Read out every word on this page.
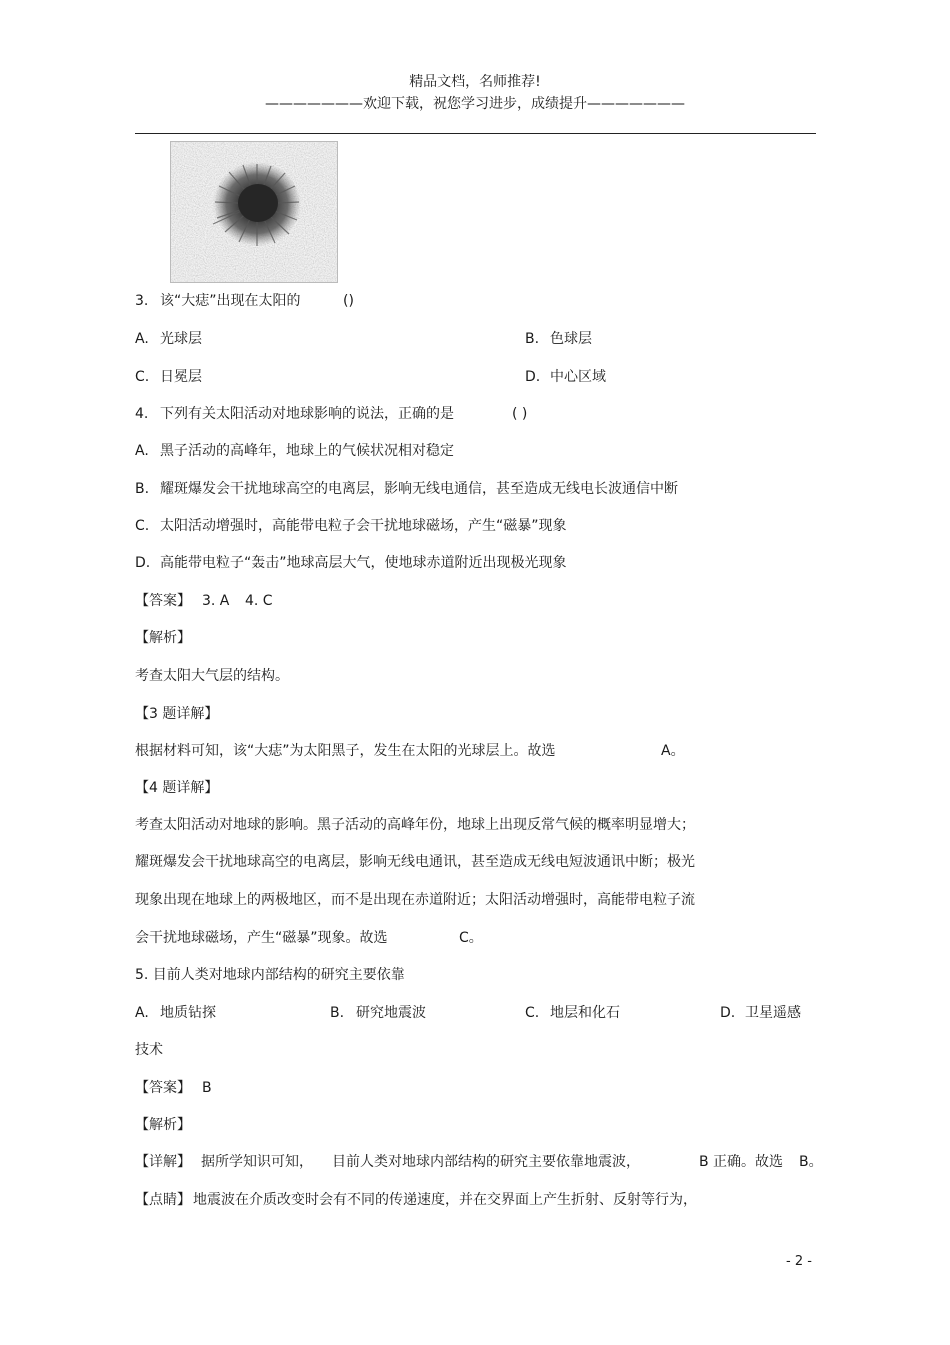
精品文档，名师推荐!
———————欢迎下载，祝您学习进步，成绩提升———————
3. 该“大痣”出现在太阳的	()
A. 光球层	B. 色球层
C. 日冕层	D. 中心区域
4. 下列有关太阳活动对地球影响的说法，正确的是	( )
A. 黑子活动的高峰年，地球上的气候状况相对稳定
B. 耀斑爆发会干扰地球高空的电离层，影响无线电通信，甚至造成无线电长波通信中断
C. 太阳活动增强时，高能带电粒子会干扰地球磁场，产生“磁暴”现象
D. 高能带电粒子“轰击”地球高层大气，使地球赤道附近出现极光现象
【答案】 3. A 4. C
【解析】
考查太阳大气层的结构。
【3 题详解】
根据材料可知，该“大痣”为太阳黑子，发生在太阳的光球层上。故选	A。
【4 题详解】
考查太阳活动对地球的影响。黑子活动的高峰年份，地球上出现反常气候的概率明显增大；
耀斑爆发会干扰地球高空的电离层，影响无线电通讯，甚至造成无线电短波通讯中断；极光
现象出现在地球上的两极地区，而不是出现在赤道附近；太阳活动增强时，高能带电粒子流
会干扰地球磁场，产生“磁暴”现象。故选	C。
5. 目前人类对地球内部结构的研究主要依靠
A. 地质钻探	B. 研究地震波	C. 地层和化石	D. 卫星遥感
技术
【答案】 B
【解析】
【详解】 据所学知识可知， 目前人类对地球内部结构的研究主要依靠地震波，	B 正确。故选 B。
【点睛】 地震波在介质改变时会有不同的传递速度，并在交界面上产生折射、反射等行为，
- 2 -
